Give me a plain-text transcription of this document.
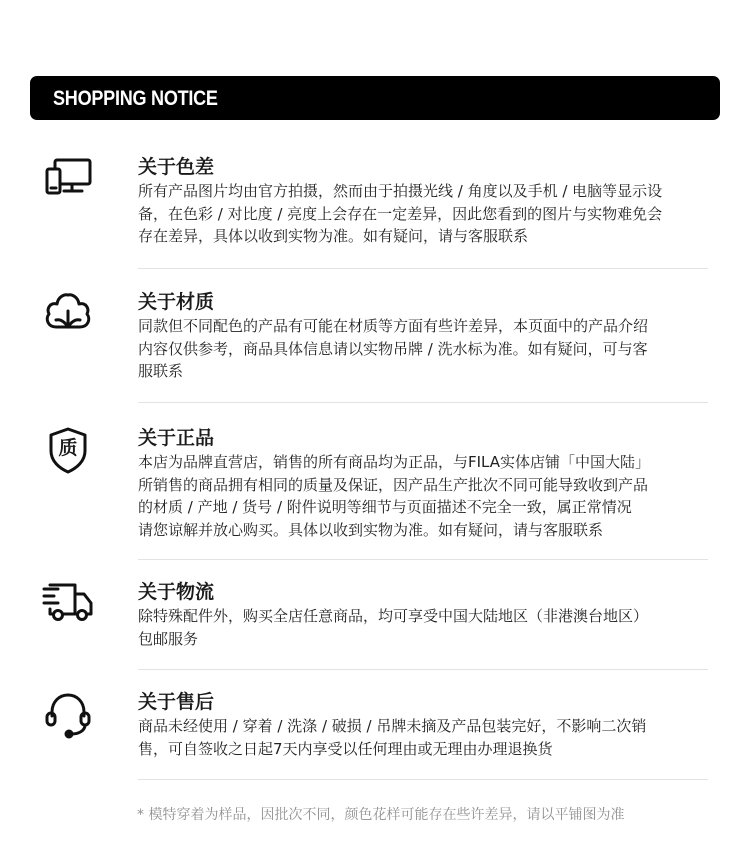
SHOPPING NOTICE
关于色差
所有产品图片均由官方拍摄，然而由于拍摄光线 / 角度以及手机 / 电脑等显示设
备，在色彩 / 对比度 / 亮度上会存在一定差异，因此您看到的图片与实物难免会
存在差异，具体以收到实物为准。如有疑问，请与客服联系
关于材质
同款但不同配色的产品有可能在材质等方面有些许差异，本页面中的产品介绍
内容仅供参考，商品具体信息请以实物吊牌 / 洗水标为准。如有疑问，可与客
服联系
质	关于正品
本店为品牌直营店，销售的所有商品均为正品，与FILA实体店铺「中国大陆」
所销售的商品拥有相同的质量及保证，因产品生产批次不同可能导致收到产品
的材质 / 产地 / 货号 / 附件说明等细节与页面描述不完全一致，属正常情况
请您谅解并放心购买。具体以收到实物为准。如有疑问，请与客服联系
关于物流
除特殊配件外，购买全店任意商品，均可享受中国大陆地区（非港澳台地区）
包邮服务
关于售后
商品未经使用 / 穿着 / 洗涤 / 破损 / 吊牌未摘及产品包装完好，不影响二次销
售，可自签收之日起7天内享受以任何理由或无理由办理退换货
* 模特穿着为样品，因批次不同，颜色花样可能存在些许差异，请以平铺图为准
